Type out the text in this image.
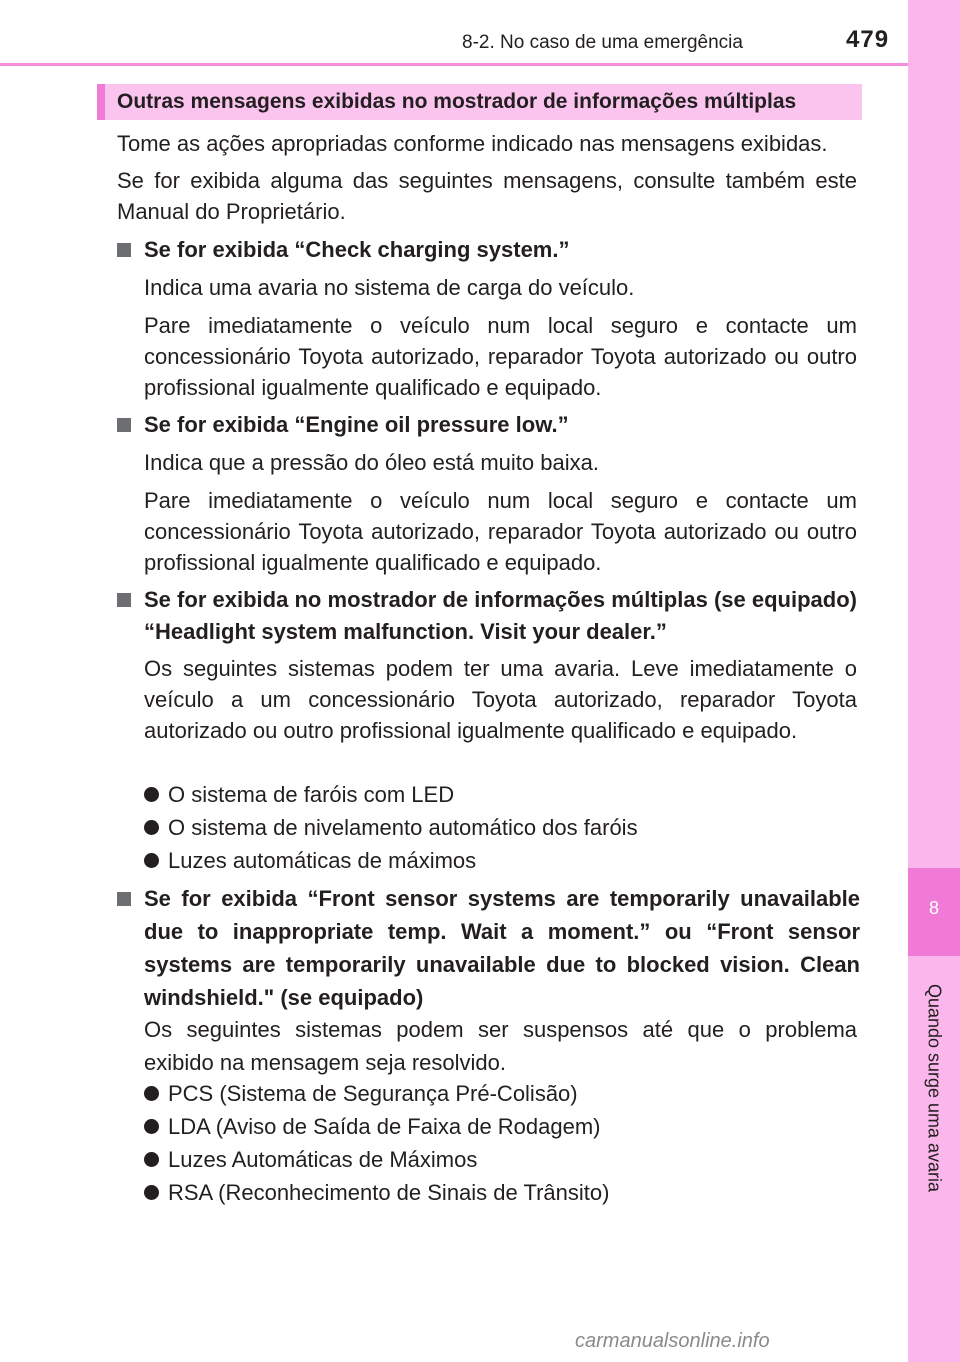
8-2. No caso de uma emergência	479
8
Quando surge uma avaria
Outras mensagens exibidas no mostrador de informações múltiplas
Tome as ações apropriadas conforme indicado nas mensagens exibidas.
Se for exibida alguma das seguintes mensagens, consulte também este Manual do Proprietário.
Se for exibida “Check charging system.”
Indica uma avaria no sistema de carga do veículo.
Pare imediatamente o veículo num local seguro e contacte um concessionário Toyota autorizado, reparador Toyota autorizado ou outro profissional igualmente qualificado e equipado.
Se for exibida “Engine oil pressure low.”
Indica que a pressão do óleo está muito baixa.
Pare imediatamente o veículo num local seguro e contacte um concessionário Toyota autorizado, reparador Toyota autorizado ou outro profissional igualmente qualificado e equipado.
Se for exibida no mostrador de informações múltiplas (se equipado) “Headlight system malfunction. Visit your dealer.”
Os seguintes sistemas podem ter uma avaria. Leve imediatamente o veículo a um concessionário Toyota autorizado, reparador Toyota autorizado ou outro profissional igualmente qualificado e equipado.
O sistema de faróis com LED
O sistema de nivelamento automático dos faróis
Luzes automáticas de máximos
Se for exibida “Front sensor systems are temporarily unavailable due to inappropriate temp. Wait a moment.” ou “Front sensor systems are temporarily unavailable due to blocked vision. Clean windshield." (se equipado)
Os seguintes sistemas podem ser suspensos até que o problema exibido na mensagem seja resolvido.
PCS (Sistema de Segurança Pré-Colisão)
LDA (Aviso de Saída de Faixa de Rodagem)
Luzes Automáticas de Máximos
RSA (Reconhecimento de Sinais de Trânsito)
carmanualsonline.info
